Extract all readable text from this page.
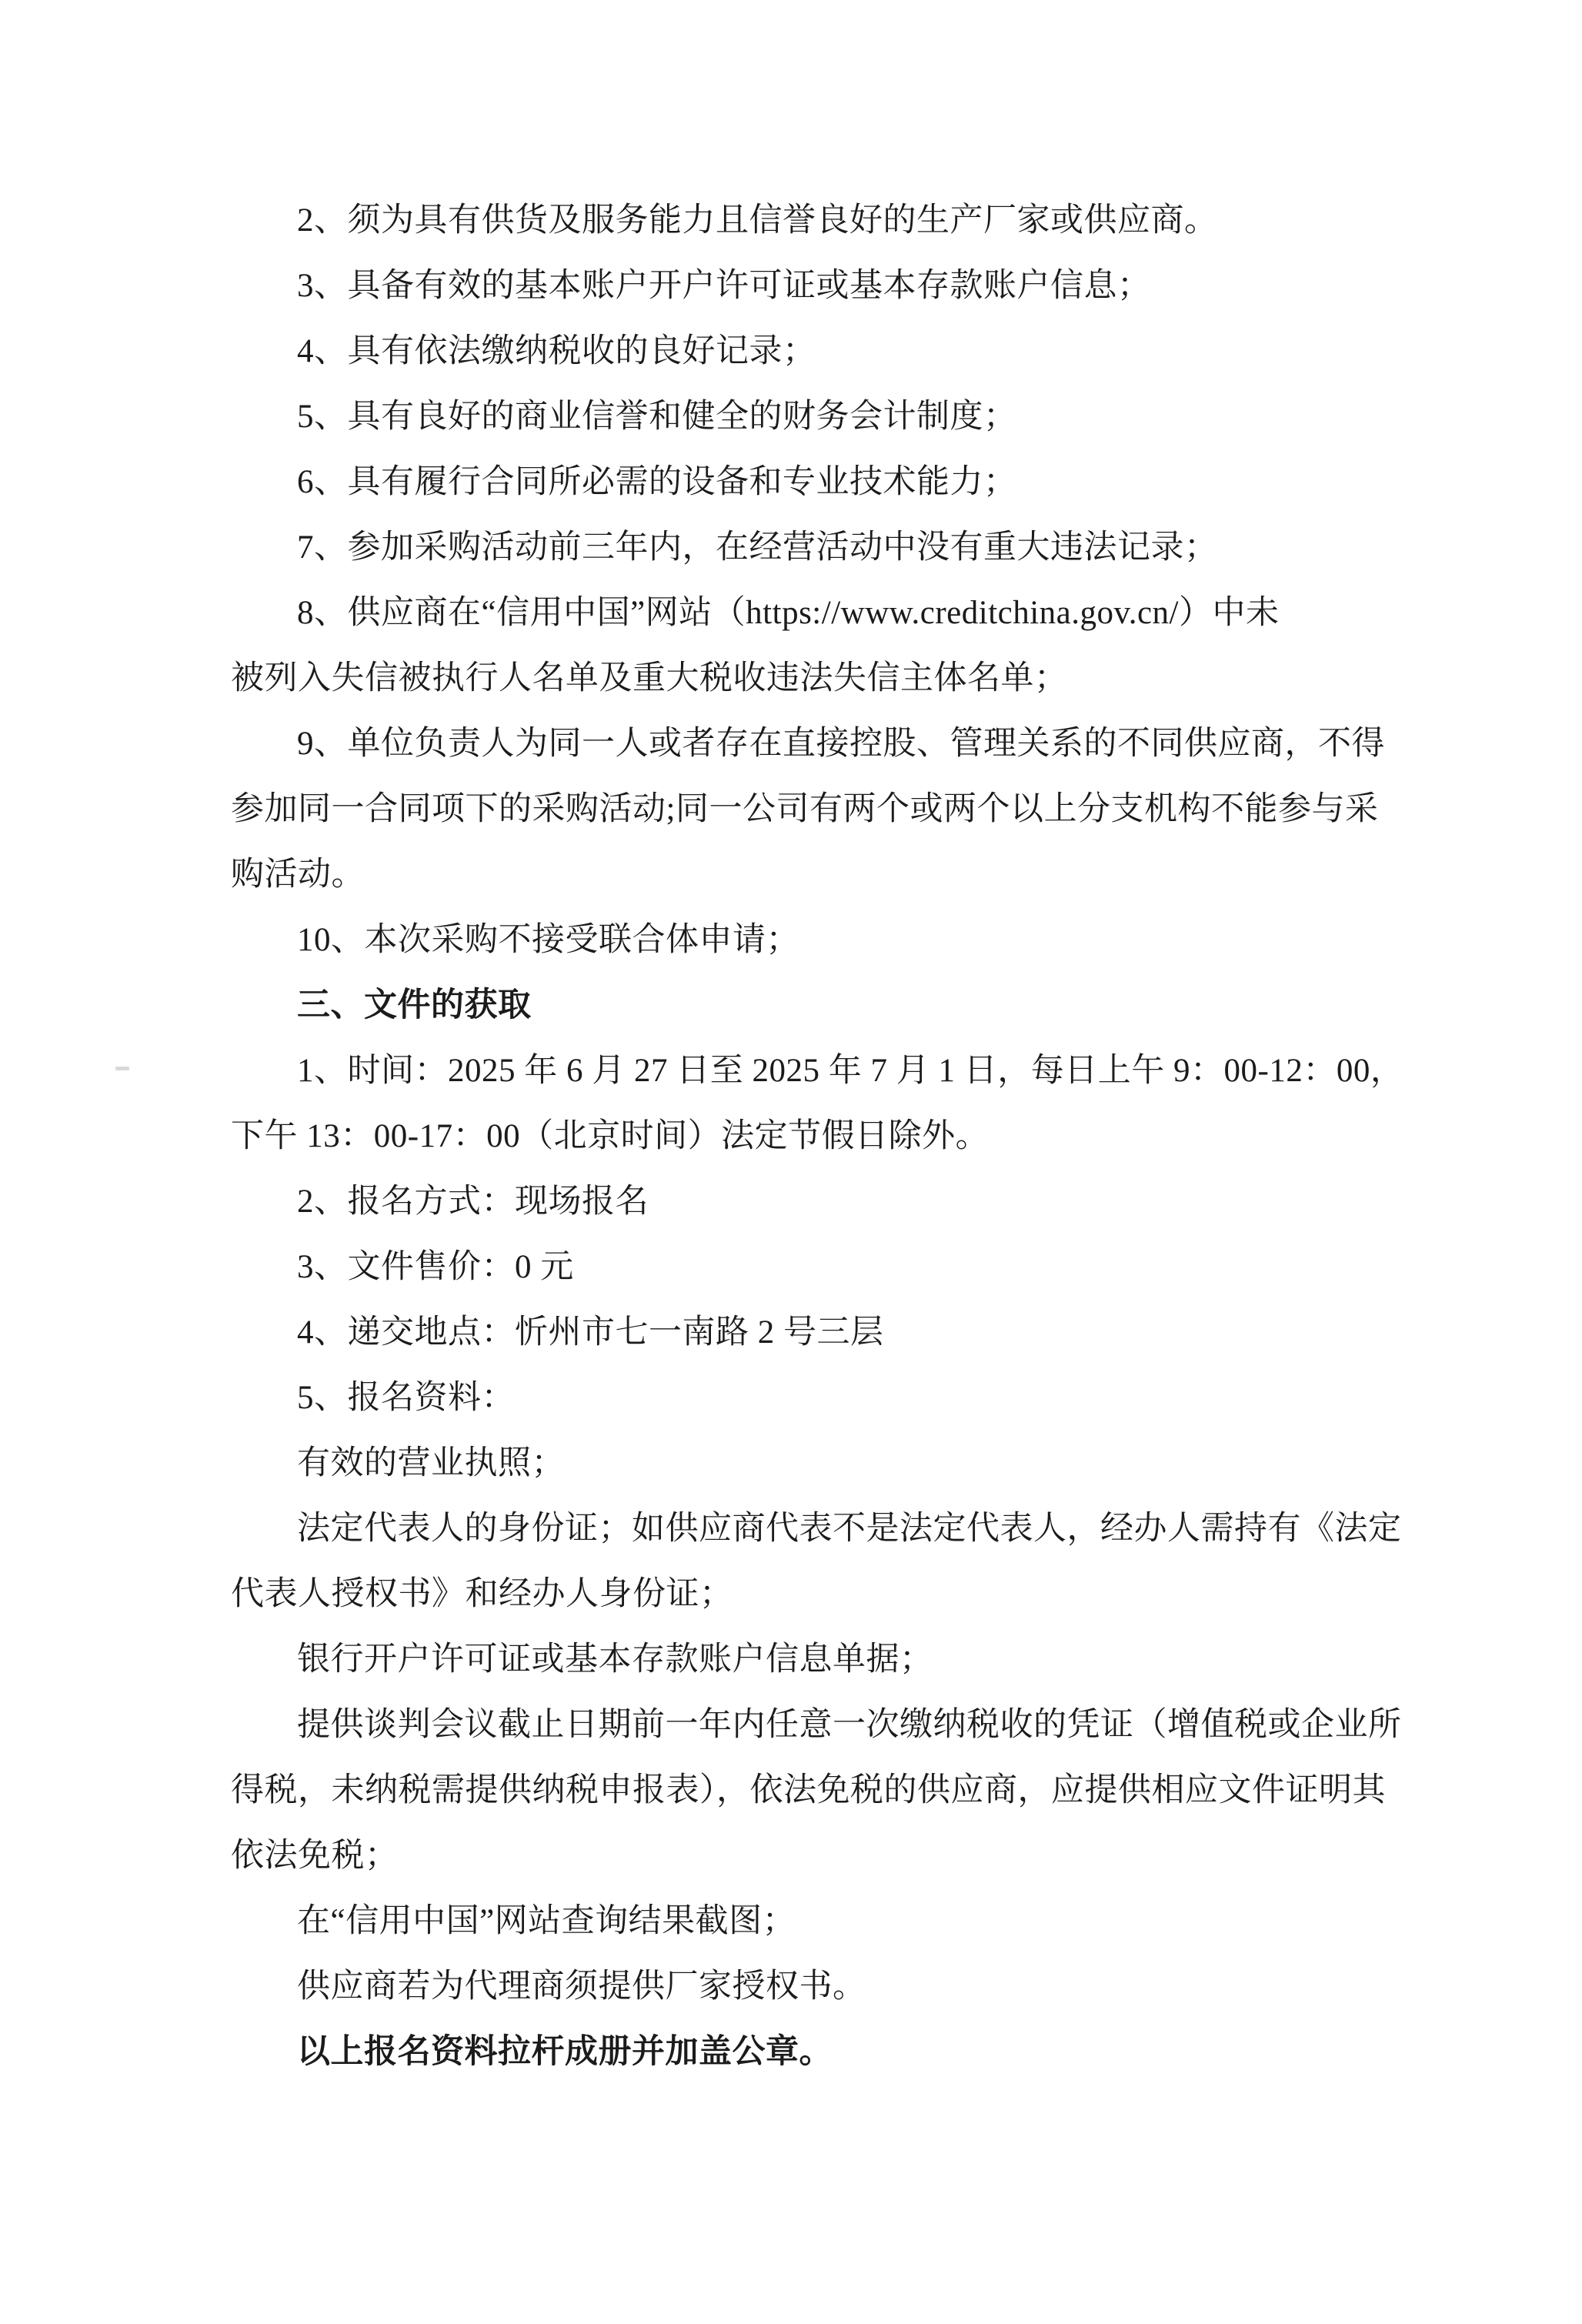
2、须为具有供货及服务能力且信誉良好的生产厂家或供应商。
3、具备有效的基本账户开户许可证或基本存款账户信息；
4、具有依法缴纳税收的良好记录；
5、具有良好的商业信誉和健全的财务会计制度；
6、具有履行合同所必需的设备和专业技术能力；
7、参加采购活动前三年内，在经营活动中没有重大违法记录；
8、供应商在“信用中国”网站（https://www.creditchina.gov.cn/）中未
被列入失信被执行人名单及重大税收违法失信主体名单；
9、单位负责人为同一人或者存在直接控股、管理关系的不同供应商，不得
参加同一合同项下的采购活动;同一公司有两个或两个以上分支机构不能参与采
购活动。
10、本次采购不接受联合体申请；
三、文件的获取
1、时间：2025 年 6 月 27 日至 2025 年 7 月 1 日，每日上午 9：00-12：00，
下午 13：00-17：00（北京时间）法定节假日除外。
2、报名方式：现场报名
3、文件售价：0 元
4、递交地点：忻州市七一南路 2 号三层
5、报名资料：
有效的营业执照；
法定代表人的身份证；如供应商代表不是法定代表人，经办人需持有《法定
代表人授权书》和经办人身份证；
银行开户许可证或基本存款账户信息单据；
提供谈判会议截止日期前一年内任意一次缴纳税收的凭证（增值税或企业所
得税，未纳税需提供纳税申报表），依法免税的供应商，应提供相应文件证明其
依法免税；
在“信用中国”网站查询结果截图；
供应商若为代理商须提供厂家授权书。
以上报名资料拉杆成册并加盖公章。
